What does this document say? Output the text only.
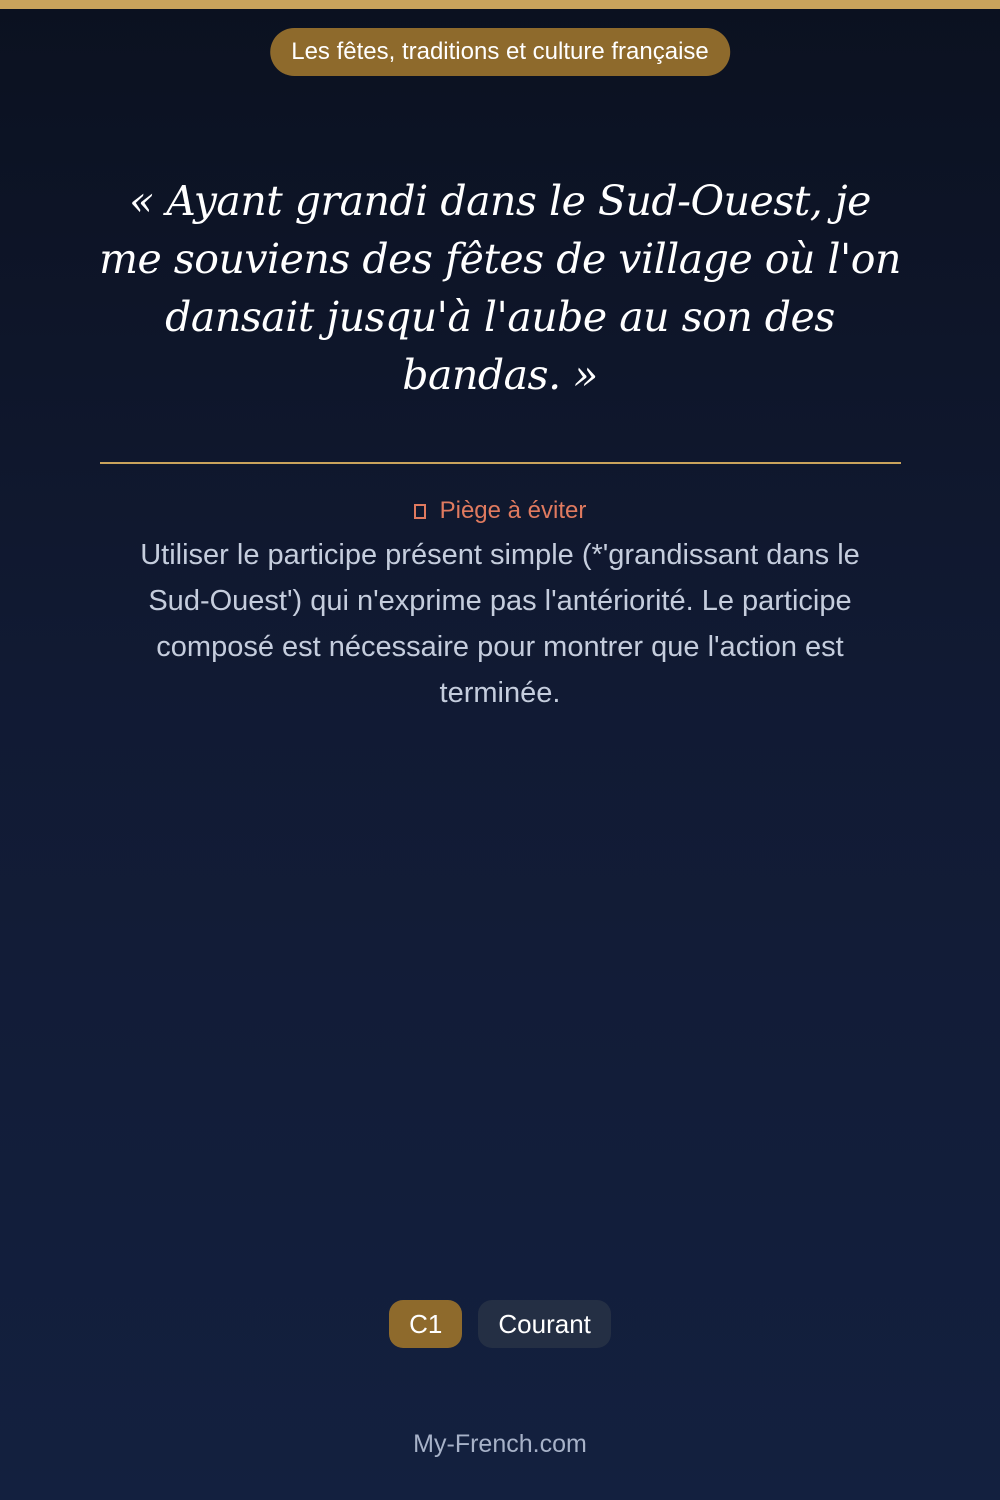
Les fêtes, traditions et culture française

« Ayant grandi dans le Sud-Ouest, je me souviens des fêtes de village où l'on dansait jusqu'à l'aube au son des bandas. »

Piège à éviter

Utiliser le participe présent simple (*'grandissant dans le Sud-Ouest') qui n'exprime pas l'antériorité. Le participe composé est nécessaire pour montrer que l'action est terminée.

C1	Courant
My-French.com
